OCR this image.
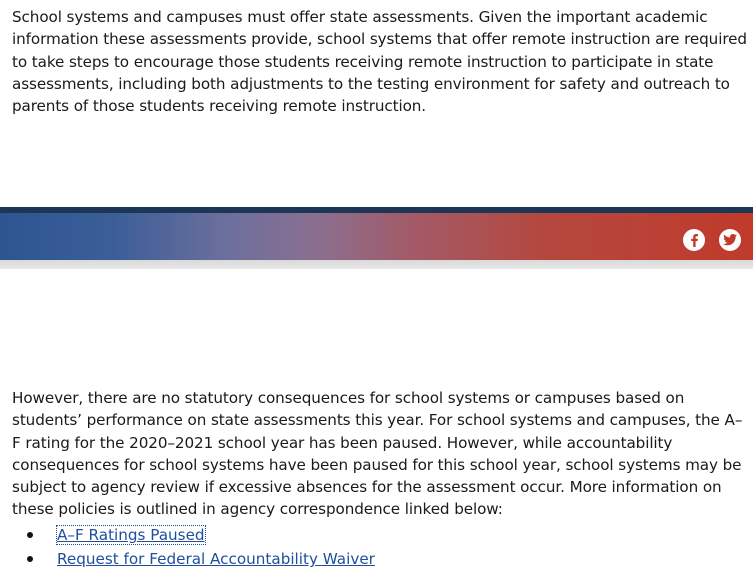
School systems and campuses must offer state assessments. Given the important academic information these assessments provide, school systems that offer remote instruction are required to take steps to encourage those students receiving remote instruction to participate in state assessments, including both adjustments to the testing environment for safety and outreach to parents of those students receiving remote instruction.

However, there are no statutory consequences for school systems or campuses based on students’ performance on state assessments this year. For school systems and campuses, the A–F rating for the 2020–2021 school year has been paused. However, while accountability consequences for school systems have been paused for this school year, school systems may be subject to agency review if excessive absences for the assessment occur. More information on these policies is outlined in agency correspondence linked below:

A–F Ratings Paused
Request for Federal Accountability Waiver
